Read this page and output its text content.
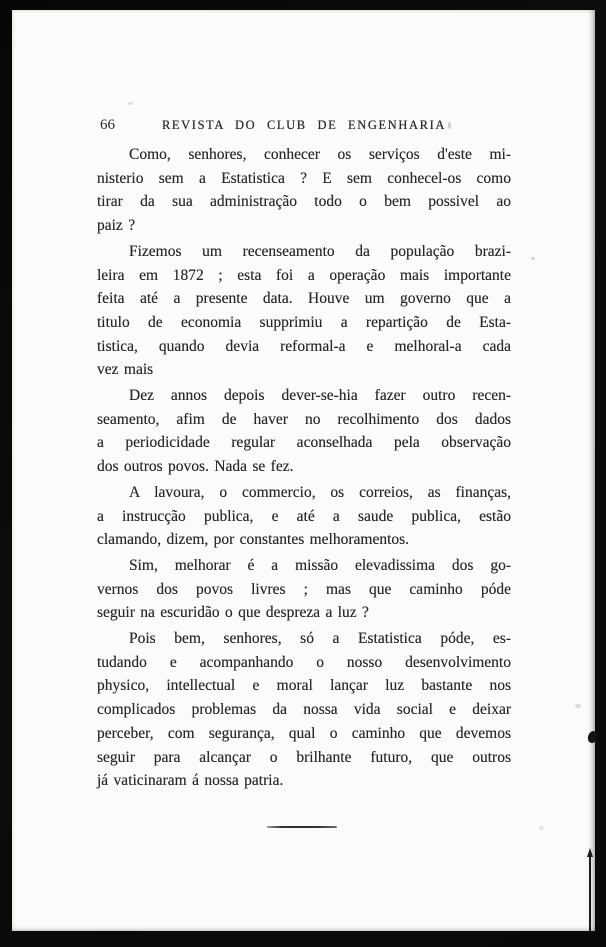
66	REVISTA DO CLUB DE ENGENHARIA
Como, senhores, conhecer os serviços d'este mi-
nisterio sem a Estatistica ? E sem conhecel-os como
tirar da sua administração todo o bem possivel ao
paiz ?
Fizemos um recenseamento da população brazi-
leira em 1872 ; esta foi a operação mais importante
feita até a presente data. Houve um governo que a
titulo de economia supprimiu a repartição de Esta-
tistica, quando devia reformal-a e melhoral-a cada
vez mais
Dez annos depois dever-se-hia fazer outro recen-
seamento, afim de haver no recolhimento dos dados
a periodicidade regular aconselhada pela observação
dos outros povos. Nada se fez.
A lavoura, o commercio, os correios, as finanças,
a instrucção publica, e até a saude publica, estão
clamando, dizem, por constantes melhoramentos.
Sim, melhorar é a missão elevadissima dos go-
vernos dos povos livres ; mas que caminho póde
seguir na escuridão o que despreza a luz ?
Pois bem, senhores, só a Estatistica póde, es-
tudando e acompanhando o nosso desenvolvimento
physico, intellectual e moral lançar luz bastante nos
complicados problemas da nossa vida social e deixar
perceber, com segurança, qual o caminho que devemos
seguir para alcançar o brilhante futuro, que outros
já vaticinaram á nossa patria.
